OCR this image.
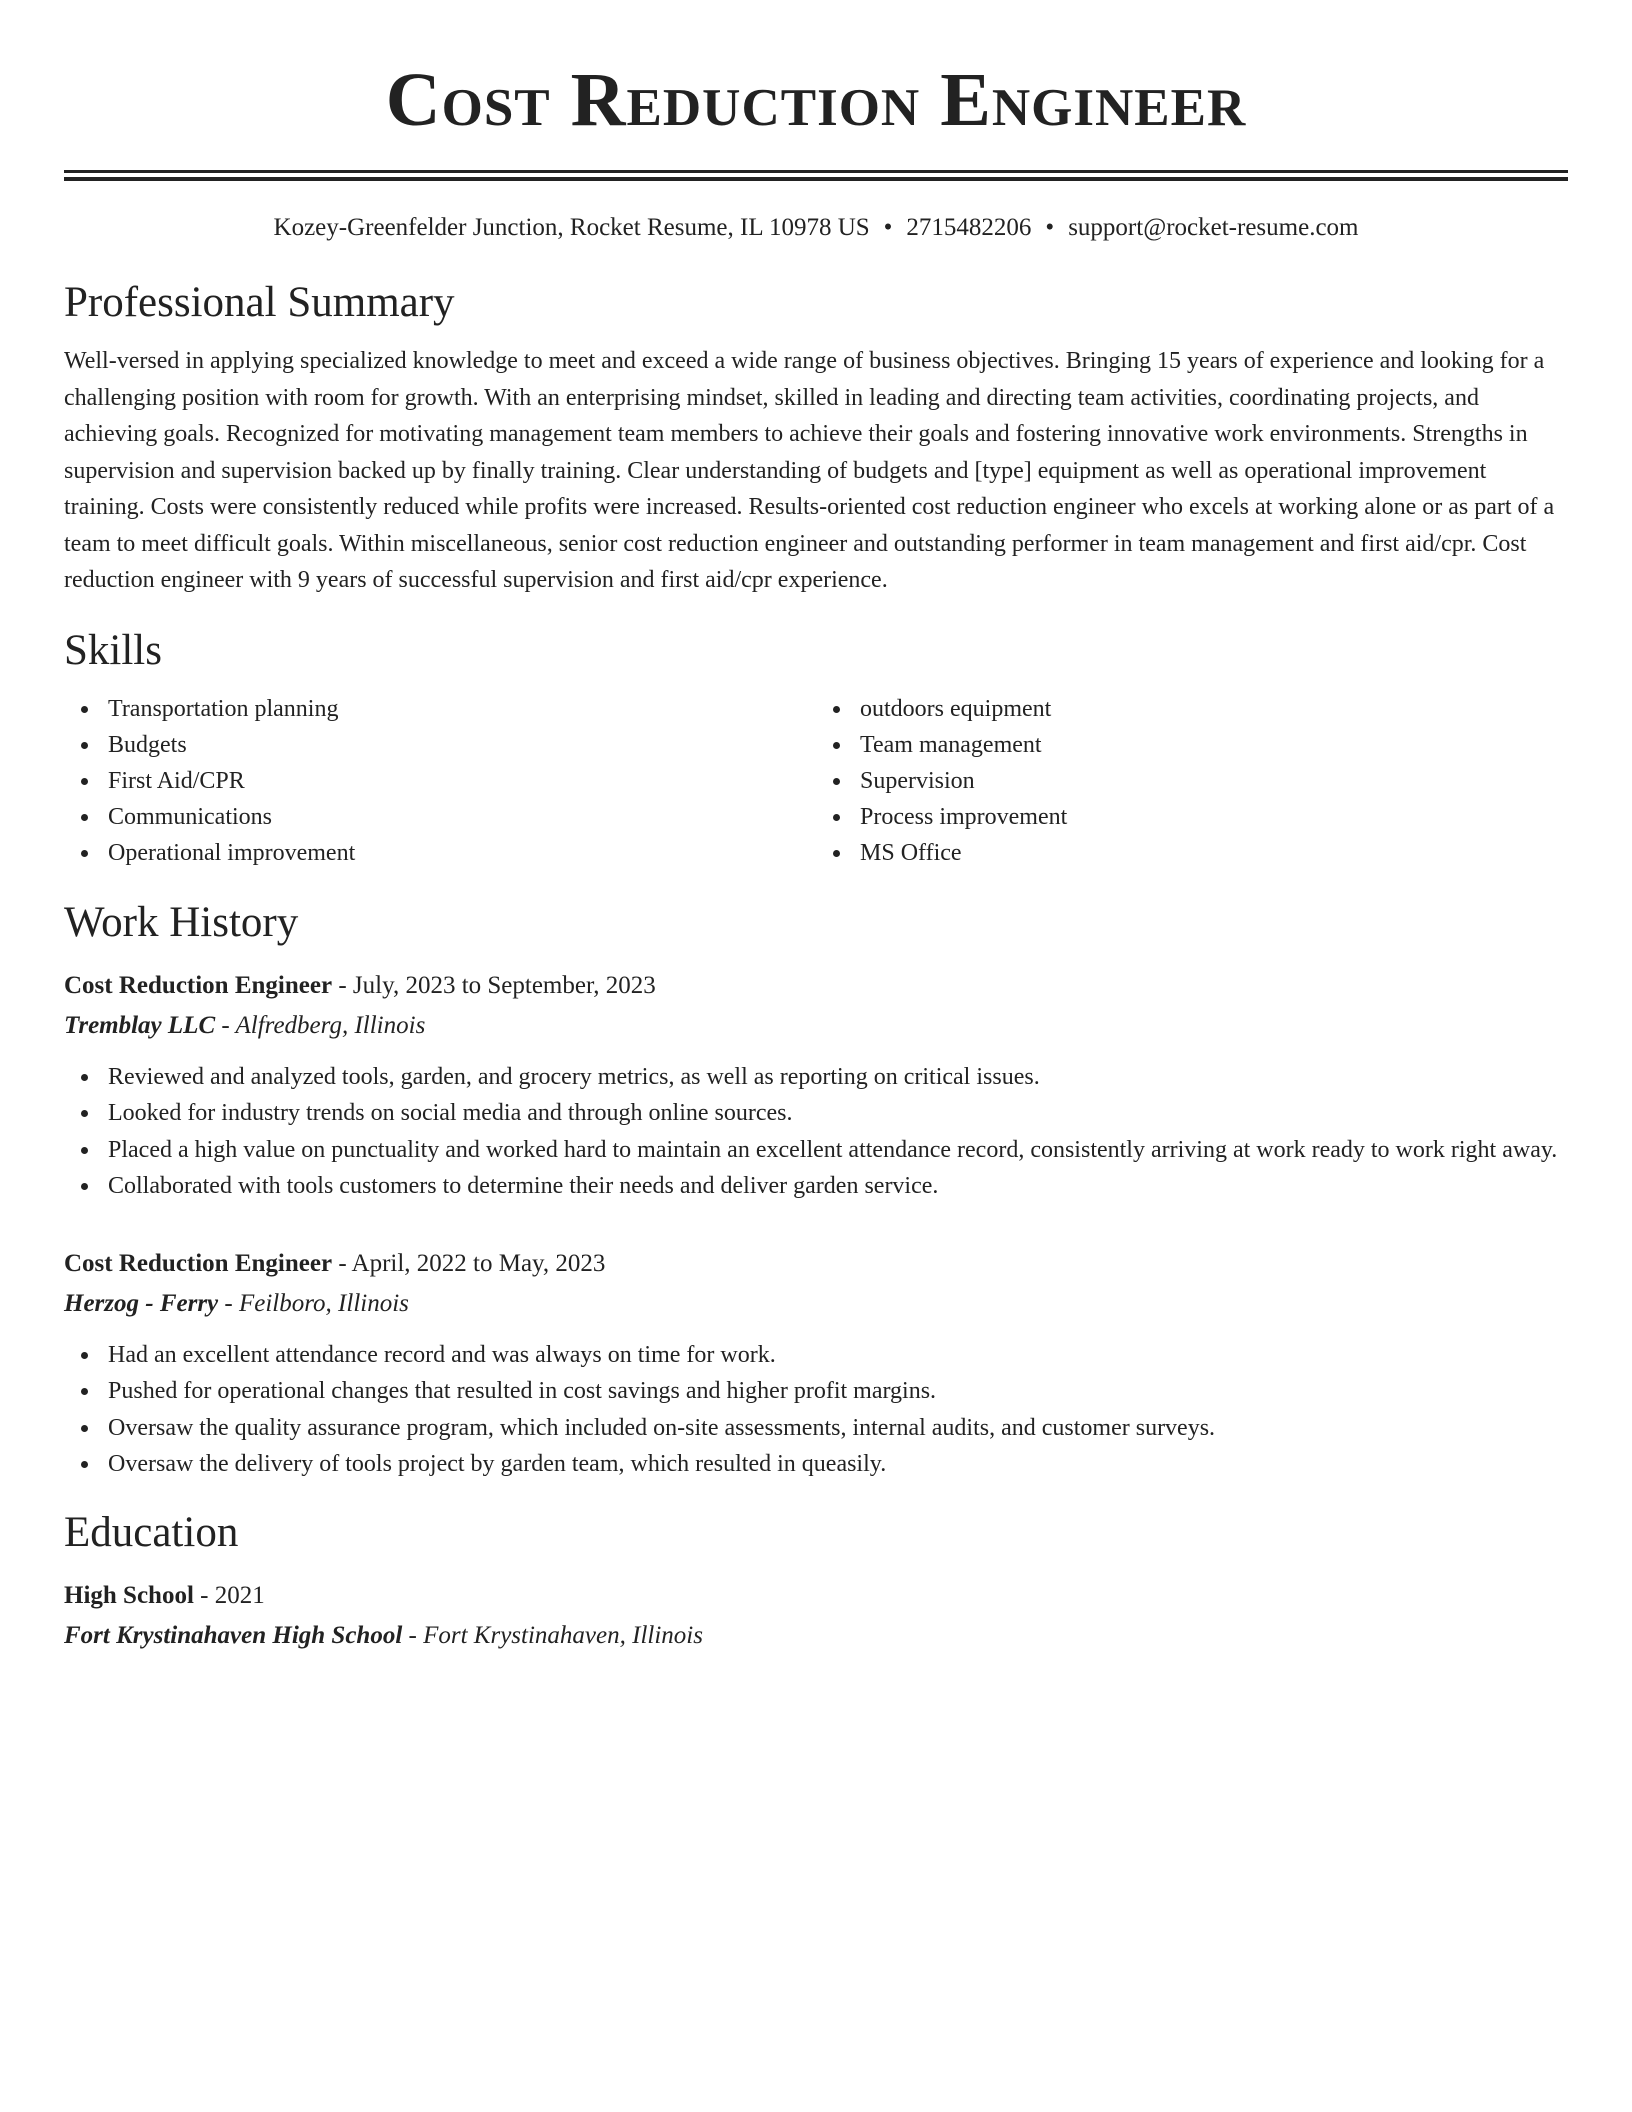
Cost Reduction Engineer
Kozey-Greenfelder Junction, Rocket Resume, IL 10978 US • 2715482206 • support@rocket-resume.com
Professional Summary

Well-versed in applying specialized knowledge to meet and exceed a wide range of business objectives. Bringing 15 years of experience and looking for a challenging position with room for growth. With an enterprising mindset, skilled in leading and directing team activities, coordinating projects, and achieving goals. Recognized for motivating management team members to achieve their goals and fostering innovative work environments. Strengths in supervision and supervision backed up by finally training. Clear understanding of budgets and [type] equipment as well as operational improvement training. Costs were consistently reduced while profits were increased. Results-oriented cost reduction engineer who excels at working alone or as part of a team to meet difficult goals. Within miscellaneous, senior cost reduction engineer and outstanding performer in team management and first aid/cpr. Cost reduction engineer with 9 years of successful supervision and first aid/cpr experience.

Skills
Transportation planning
Budgets
First Aid/CPR
Communications
Operational improvement
outdoors equipment
Team management
Supervision
Process improvement
MS Office
Work History
Cost Reduction Engineer - July, 2023 to September, 2023
Tremblay LLC - Alfredberg, Illinois
Reviewed and analyzed tools, garden, and grocery metrics, as well as reporting on critical issues.
Looked for industry trends on social media and through online sources.
Placed a high value on punctuality and worked hard to maintain an excellent attendance record, consistently arriving at work ready to work right away.
Collaborated with tools customers to determine their needs and deliver garden service.
Cost Reduction Engineer - April, 2022 to May, 2023
Herzog - Ferry - Feilboro, Illinois
Had an excellent attendance record and was always on time for work.
Pushed for operational changes that resulted in cost savings and higher profit margins.
Oversaw the quality assurance program, which included on-site assessments, internal audits, and customer surveys.
Oversaw the delivery of tools project by garden team, which resulted in queasily.
Education
High School - 2021
Fort Krystinahaven High School - Fort Krystinahaven, Illinois
